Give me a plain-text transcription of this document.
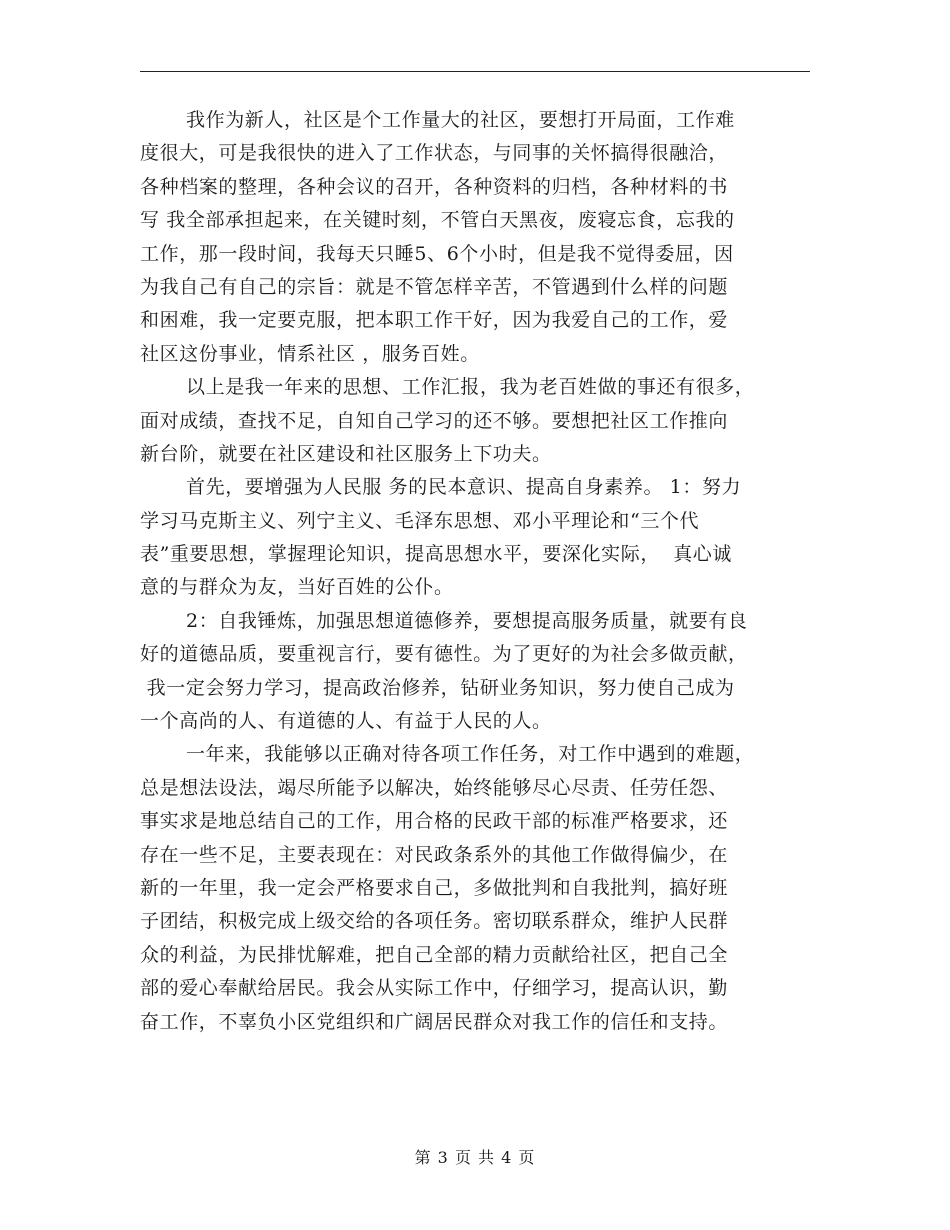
我作为新人，社区是个工作量大的社区，要想打开局面，工作难
度很大，可是我很快的进入了工作状态，与同事的关怀搞得很融洽，
各种档案的整理，各种会议的召开，各种资料的归档，各种材料的书
写 我全部承担起来，在关键时刻，不管白天黑夜，废寝忘食，忘我的
工作，那一段时间，我每天只睡5、6个小时，但是我不觉得委屈，因
为我自己有自己的宗旨：就是不管怎样辛苦，不管遇到什么样的问题
和困难，我一定要克服，把本职工作干好，因为我爱自己的工作，爱
社区这份事业，情系社区 ，服务百姓。
以上是我一年来的思想、工作汇报，我为老百姓做的事还有很多，
面对成绩，查找不足，自知自己学习的还不够。要想把社区工作推向
新台阶，就要在社区建设和社区服务上下功夫。
首先，要增强为人民服 务的民本意识、提高自身素养。 1：努力
学习马克斯主义、列宁主义、毛泽东思想、邓小平理论和“三个代
表”重要思想，掌握理论知识，提高思想水平，要深化实际，  真心诚
意的与群众为友，当好百姓的公仆。
2：自我锤炼，加强思想道德修养，要想提高服务质量，就要有良
好的道德品质，要重视言行，要有德性。为了更好的为社会多做贡献，
我一定会努力学习，提高政治修养，钻研业务知识，努力使自己成为
一个高尚的人、有道德的人、有益于人民的人。
一年来，我能够以正确对待各项工作任务，对工作中遇到的难题，
总是想法设法，竭尽所能予以解决，始终能够尽心尽责、任劳任怨、
事实求是地总结自己的工作，用合格的民政干部的标准严格要求，还
存在一些不足，主要表现在：对民政条系外的其他工作做得偏少，在
新的一年里，我一定会严格要求自己，多做批判和自我批判，搞好班
子团结，积极完成上级交给的各项任务。密切联系群众，维护人民群
众的利益，为民排忧解难，把自己全部的精力贡献给社区，把自己全
部的爱心奉献给居民。我会从实际工作中，仔细学习，提高认识，勤
奋工作，不辜负小区党组织和广阔居民群众对我工作的信任和支持。
第 3 页 共 4 页
